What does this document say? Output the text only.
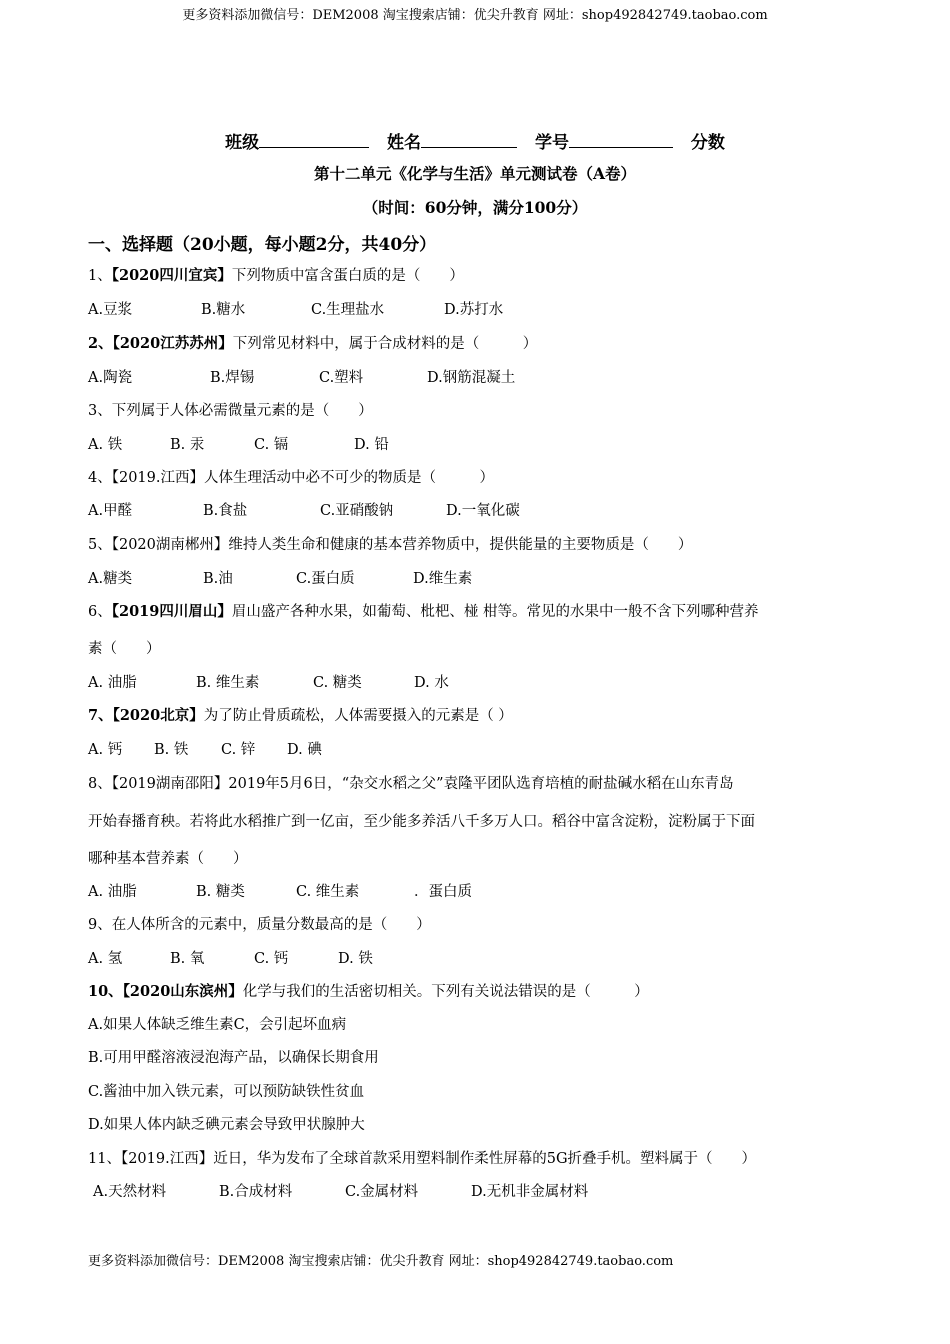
更多资料添加微信号：DEM2008 淘宝搜索店铺：优尖升教育 网址：shop492842749.taobao.com
班级	姓名	学号	分数
第十二单元《化学与生活》单元测试卷（A卷）
（时间：60分钟，满分100分）
一、选择题（20小题，每小题2分，共40分）
1、【2020四川宜宾】下列物质中富含蛋白质的是（　　）
A.豆浆	B.糖水	C.生理盐水	D.苏打水
2、【2020江苏苏州】下列常见材料中，属于合成材料的是（　　　）
A.陶瓷	B.焊锡	C.塑料	D.钢筋混凝土
3、下列属于人体必需微量元素的是（　　）
A. 铁	B. 汞	C. 镉	D. 铅
4、【2019.江西】人体生理活动中必不可少的物质是（　　　）
A.甲醛	B.食盐	C.亚硝酸钠	D.一氧化碳
5、【2020湖南郴州】维持人类生命和健康的基本营养物质中，提供能量的主要物质是（　　）
A.糖类	B.油	C.蛋白质	D.维生素
6、【2019四川眉山】眉山盛产各种水果，如葡萄、枇杷、椪 柑等。常见的水果中一般不含下列哪种营养
素（　　）
A. 油脂	B. 维生素	C. 糖类	D. 水
7、【2020北京】为了防止骨质疏松，人体需要摄入的元素是（ ）
A. 钙 B. 铁 C. 锌 D. 碘
8、【2019湖南邵阳】2019年5月6日，“杂交水稻之父”袁隆平团队选育培植的耐盐碱水稻在山东青岛
开始春播育秧。若将此水稻推广到一亿亩，至少能多养活八千多万人口。稻谷中富含淀粉，淀粉属于下面
哪种基本营养素（　　）
A. 油脂	B. 糖类	C. 维生素	．蛋白质
9、在人体所含的元素中，质量分数最高的是（　　）
A. 氢	B. 氧	C. 钙	D. 铁
10、【2020山东滨州】化学与我们的生活密切相关。下列有关说法错误的是（　　　）
A.如果人体缺乏维生素C，会引起坏血病
B.可用甲醛溶液浸泡海产品，以确保长期食用
C.酱油中加入铁元素，可以预防缺铁性贫血
D.如果人体内缺乏碘元素会导致甲状腺肿大
11、【2019.江西】近日，华为发布了全球首款采用塑料制作柔性屏幕的5G折叠手机。塑料属于（　　）
A.天然材料	B.合成材料	C.金属材料	D.无机非金属材料
更多资料添加微信号：DEM2008 淘宝搜索店铺：优尖升教育 网址：shop492842749.taobao.com
